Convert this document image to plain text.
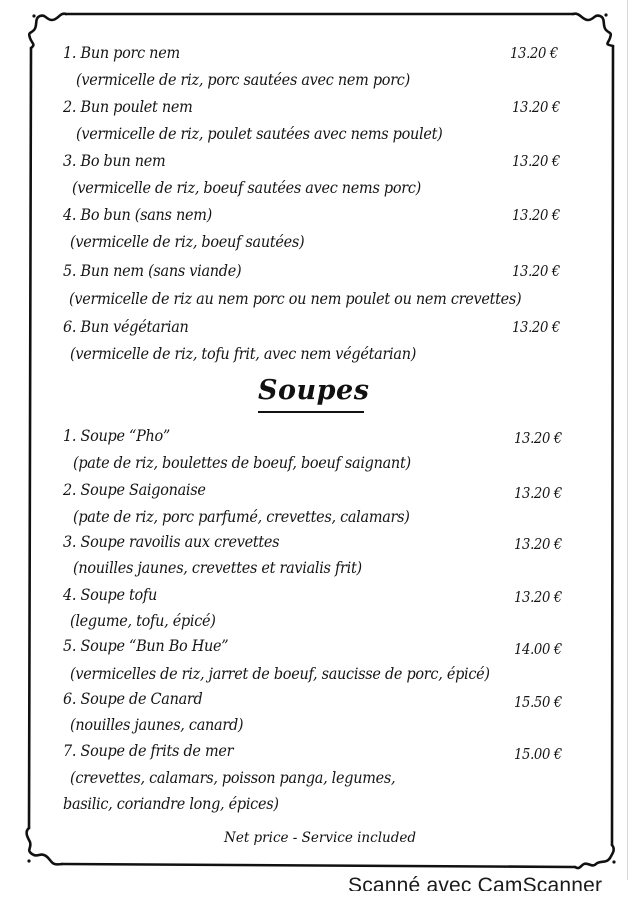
1. Bun porc nem	13.20 €
(vermicelle de riz, porc sautées avec nem porc)
2. Bun poulet nem	13.20 €
(vermicelle de riz, poulet sautées avec nems poulet)
3. Bo bun nem	13.20 €
(vermicelle de riz, boeuf sautées avec nems porc)
4. Bo bun (sans nem)	13.20 €
(vermicelle de riz, boeuf sautées)
5. Bun nem (sans viande)	13.20 €
(vermicelle de riz au nem porc ou nem poulet ou nem crevettes)
6. Bun végétarian	13.20 €
(vermicelle de riz, tofu frit, avec nem végétarian)
Soupes
1. Soupe “Pho”	13.20 €
(pate de riz, boulettes de boeuf, boeuf saignant)
2. Soupe Saigonaise	13.20 €
(pate de riz, porc parfumé, crevettes, calamars)
3. Soupe ravoilis aux crevettes	13.20 €
(nouilles jaunes, crevettes et ravialis frit)
4. Soupe tofu	13.20 €
(legume, tofu, épicé)
5. Soupe “Bun Bo Hue”	14.00 €
(vermicelles de riz, jarret de boeuf, saucisse de porc, épicé)
6. Soupe de Canard	15.50 €
(nouilles jaunes, canard)
7. Soupe de frits de mer	15.00 €
(crevettes, calamars, poisson panga, legumes,
basilic, coriandre long, épices)
Net price - Service included
Scanné avec CamScanner
